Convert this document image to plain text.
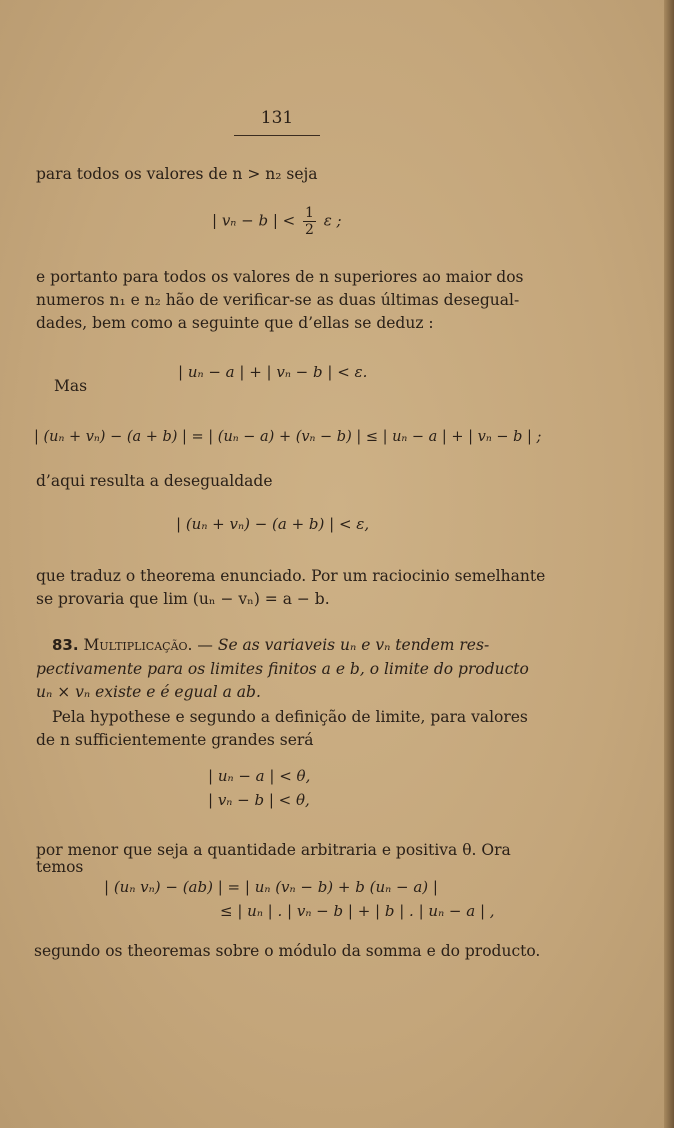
131
para todos os valores de n > n₂ seja
| vₙ − b | < $\frac{1}{2}$ ε ;
e portanto para todos os valores de n superiores ao maior dos
numeros n₁ e n₂ hão de verificar-se as duas últimas desegual-
dades, bem como a seguinte que d’ellas se deduz :
| uₙ − a | + | vₙ − b | < ε.
Mas
| (uₙ + vₙ) − (a + b) | = | (uₙ − a) + (vₙ − b) | ≤ | uₙ − a | + | vₙ − b | ;
d’aqui resulta a desegualdade
| (uₙ + vₙ) − (a + b) | < ε,
que traduz o theorema enunciado. Por um raciocinio semelhante
se provaria que lim (uₙ − vₙ) = a − b.
83. Multiplicação. — Se as variaveis uₙ e vₙ tendem res-
pectivamente para os limites finitos a e b, o limite do producto
uₙ × vₙ existe e é egual a ab.
Pela hypothese e segundo a definição de limite, para valores
de n sufficientemente grandes será
| uₙ − a | < θ,
| vₙ − b | < θ,
por menor que seja a quantidade arbitraria e positiva θ. Ora
temos
| (uₙ vₙ) − (ab) | = | uₙ (vₙ − b) + b (uₙ − a) |
≤ | uₙ | . | vₙ − b | + | b | . | uₙ − a | ,
segundo os theoremas sobre o módulo da somma e do producto.
